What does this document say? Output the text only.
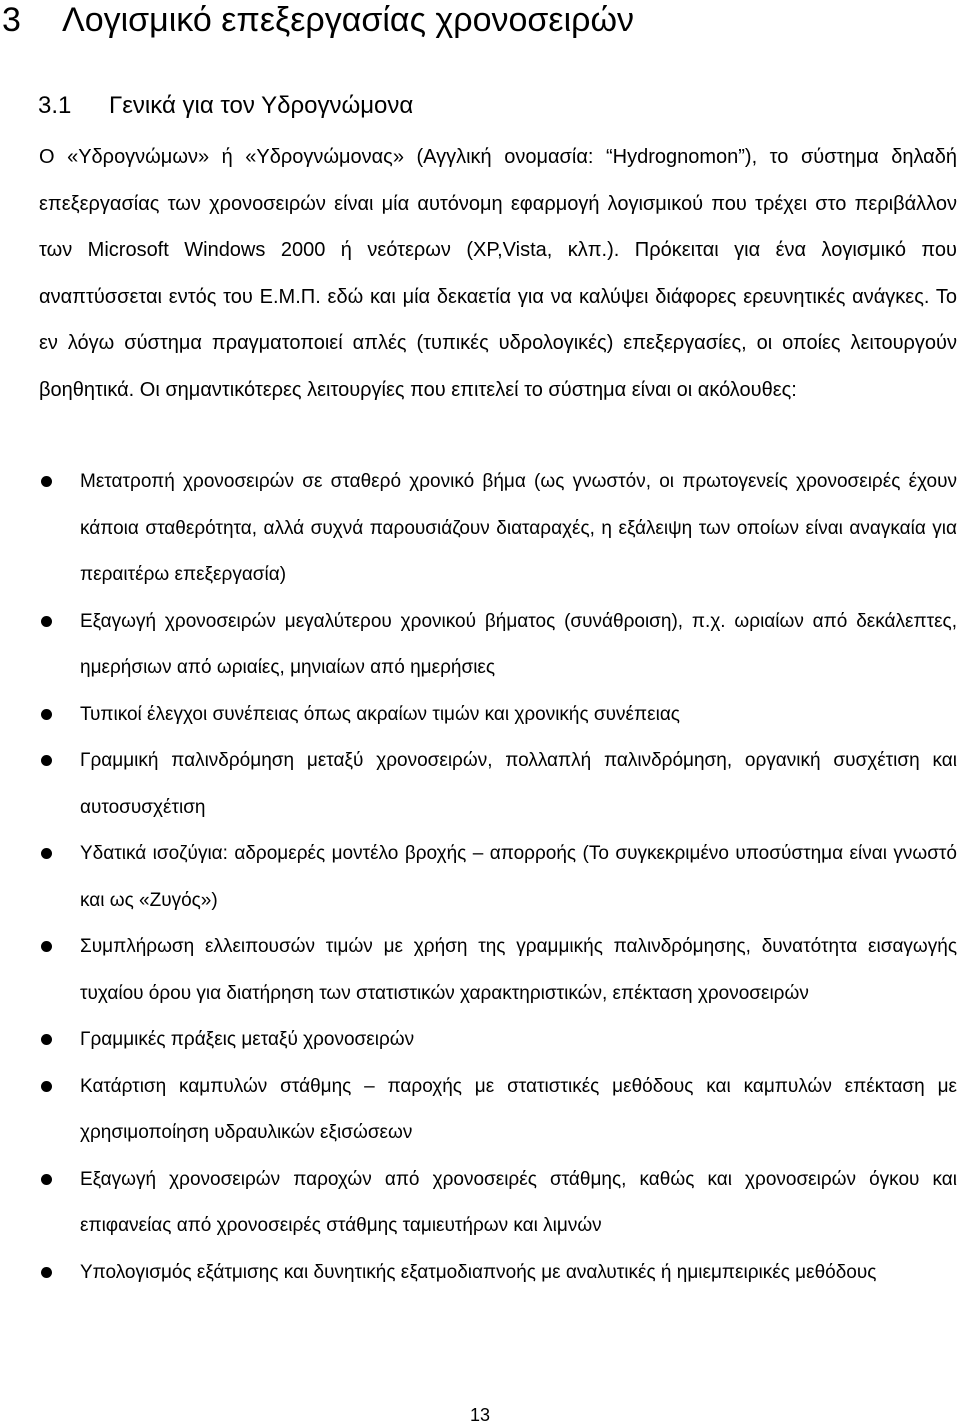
3 Λογισμικό επεξεργασίας χρονοσειρών
3.1 Γενικά για τον Υδρογνώμονα

Ο «Υδρογνώμων» ή «Υδρογνώμονας» (Αγγλική ονομασία: “Hydrognomon”), το σύστημα δηλαδή επεξεργασίας των χρονοσειρών είναι μία αυτόνομη εφαρμογή λογισμικού που τρέχει στο περιβάλλον των Microsoft Windows 2000 ή νεότερων (XP,Vista, κλπ.). Πρόκειται για ένα λογισμικό που αναπτύσσεται εντός του Ε.Μ.Π. εδώ και μία δεκαετία για να καλύψει διάφορες ερευνητικές ανάγκες. Το εν λόγω σύστημα πραγματοποιεί απλές (τυπικές υδρολογικές) επεξεργασίες, οι οποίες λειτουργούν βοηθητικά. Οι σημαντικότερες λειτουργίες που επιτελεί το σύστημα είναι οι ακόλουθες:

Μετατροπή χρονοσειρών σε σταθερό χρονικό βήμα (ως γνωστόν, οι πρωτογενείς χρονοσειρές έχουν κάποια σταθερότητα, αλλά συχνά παρουσιάζουν διαταραχές, η εξάλειψη των οποίων είναι αναγκαία για περαιτέρω επεξεργασία)
Εξαγωγή χρονοσειρών μεγαλύτερου χρονικού βήματος (συνάθροιση), π.χ. ωριαίων από δεκάλεπτες, ημερήσιων από ωριαίες, μηνιαίων από ημερήσιες
Τυπικοί έλεγχοι συνέπειας όπως ακραίων τιμών και χρονικής συνέπειας
Γραμμική παλινδρόμηση μεταξύ χρονοσειρών, πολλαπλή παλινδρόμηση, οργανική συσχέτιση και αυτοσυσχέτιση
Υδατικά ισοζύγια: αδρομερές μοντέλο βροχής – απορροής (Το συγκεκριμένο υποσύστημα είναι γνωστό και ως «Ζυγός»)
Συμπλήρωση ελλειπουσών τιμών με χρήση της γραμμικής παλινδρόμησης, δυνατότητα εισαγωγής τυχαίου όρου για διατήρηση των στατιστικών χαρακτηριστικών, επέκταση χρονοσειρών
Γραμμικές πράξεις μεταξύ χρονοσειρών
Κατάρτιση καμπυλών στάθμης – παροχής με στατιστικές μεθόδους και καμπυλών επέκταση με χρησιμοποίηση υδραυλικών εξισώσεων
Εξαγωγή χρονοσειρών παροχών από χρονοσειρές στάθμης, καθώς και χρονοσειρών όγκου και επιφανείας από χρονοσειρές στάθμης ταμιευτήρων και λιμνών
Υπολογισμός εξάτμισης και δυνητικής εξατμοδιαπνοής με αναλυτικές ή ημιεμπειρικές μεθόδους
13
